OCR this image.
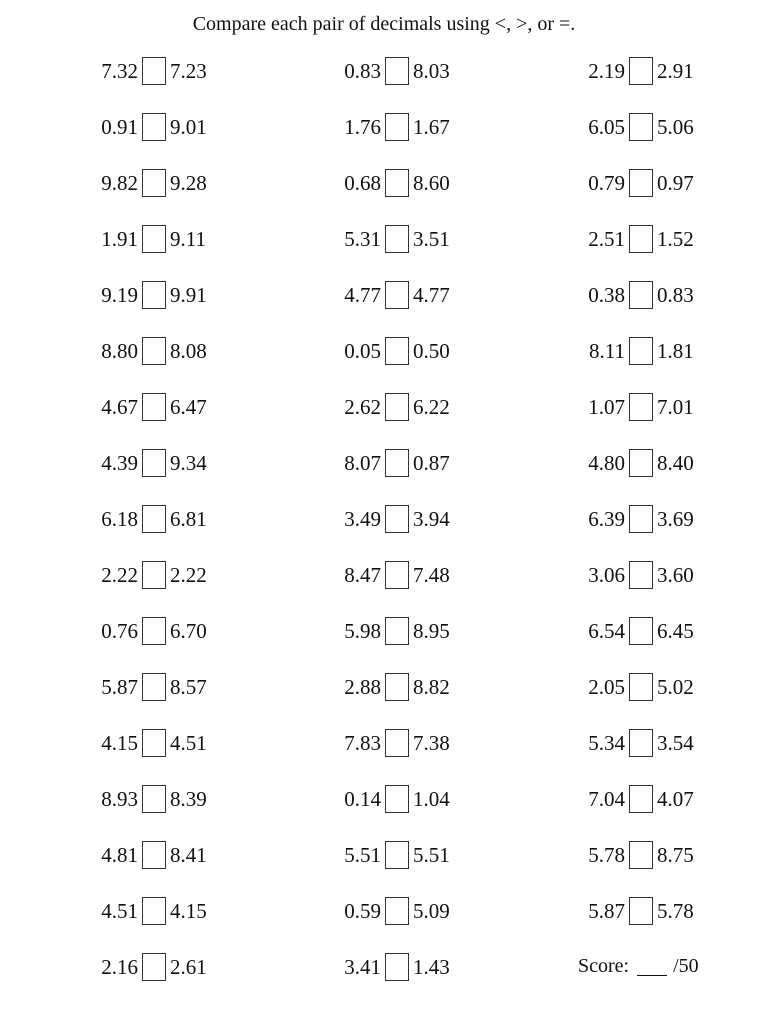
Compare each pair of decimals using <, >, or =.
7.32 7.23
0.91 9.01
9.82 9.28
1.91 9.11
9.19 9.91
8.80 8.08
4.67 6.47
4.39 9.34
6.18 6.81
2.22 2.22
0.76 6.70
5.87 8.57
4.15 4.51
8.93 8.39
4.81 8.41
4.51 4.15
2.16 2.61
0.83 8.03
1.76 1.67
0.68 8.60
5.31 3.51
4.77 4.77
0.05 0.50
2.62 6.22
8.07 0.87
3.49 3.94
8.47 7.48
5.98 8.95
2.88 8.82
7.83 7.38
0.14 1.04
5.51 5.51
0.59 5.09
3.41 1.43
2.19 2.91
6.05 5.06
0.79 0.97
2.51 1.52
0.38 0.83
8.11 1.81
1.07 7.01
4.80 8.40
6.39 3.69
3.06 3.60
6.54 6.45
2.05 5.02
5.34 3.54
7.04 4.07
5.78 8.75
5.87 5.78
Score: /50
